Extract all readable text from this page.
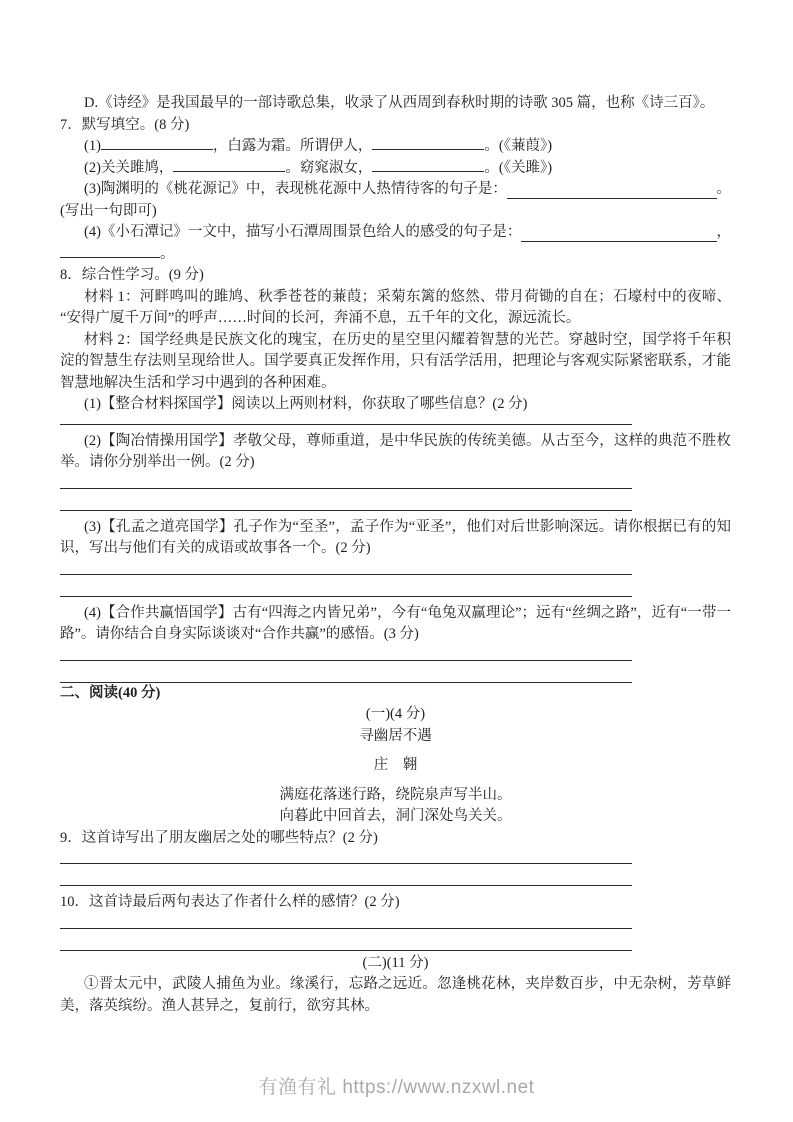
D.《诗经》是我国最早的一部诗歌总集，收录了从西周到春秋时期的诗歌 305 篇，也称《诗三百》。

7．默写填空。(8 分)

(1)	，白露为霜。所谓伊人，	。(《蒹葭》)

(2)关关雎鸠，	。窈窕淑女，	。(《关雎》)

(3)陶渊明的《桃花源记》中，表现桃花源中人热情待客的句子是：	。

(写出一句即可)

(4)《小石潭记》一文中，描写小石潭周围景色给人的感受的句子是：	，

。

8．综合性学习。(9 分)

材料 1：河畔鸣叫的雎鸠、秋季苍苍的蒹葭；采菊东篱的悠然、带月荷锄的自在；石壕村中的夜啼、“安得广厦千万间”的呼声……时间的长河，奔涌不息，五千年的文化，源远流长。

材料 2：国学经典是民族文化的瑰宝，在历史的星空里闪耀着智慧的光芒。穿越时空，国学将千年积淀的智慧生存法则呈现给世人。国学要真正发挥作用，只有活学活用，把理论与客观实际紧密联系，才能智慧地解决生活和学习中遇到的各种困难。

(1)【整合材料探国学】阅读以上两则材料，你获取了哪些信息？(2 分)

(2)【陶冶情操用国学】孝敬父母，尊师重道，是中华民族的传统美德。从古至今，这样的典范不胜枚举。请你分别举出一例。(2 分)

(3)【孔孟之道亮国学】孔子作为“至圣”，孟子作为“亚圣”，他们对后世影响深远。请你根据已有的知识，写出与他们有关的成语或故事各一个。(2 分)

(4)【合作共赢悟国学】古有“四海之内皆兄弟”，今有“龟兔双赢理论”；远有“丝绸之路”，近有“一带一路”。请你结合自身实际谈谈对“合作共赢”的感悟。(3 分)

二、阅读(40 分)

(一)(4 分)

寻幽居不遇

庄　翱

满庭花落迷行路，绕院泉声写半山。

向暮此中回首去，洞门深处鸟关关。

9．这首诗写出了朋友幽居之处的哪些特点？(2 分)

10．这首诗最后两句表达了作者什么样的感情？(2 分)

(二)(11 分)

①晋太元中，武陵人捕鱼为业。缘溪行，忘路之远近。忽逢桃花林，夹岸数百步，中无杂树，芳草鲜美，落英缤纷。渔人甚异之，复前行，欲穷其林。

有渔有礼 https://www.nzxwl.net
